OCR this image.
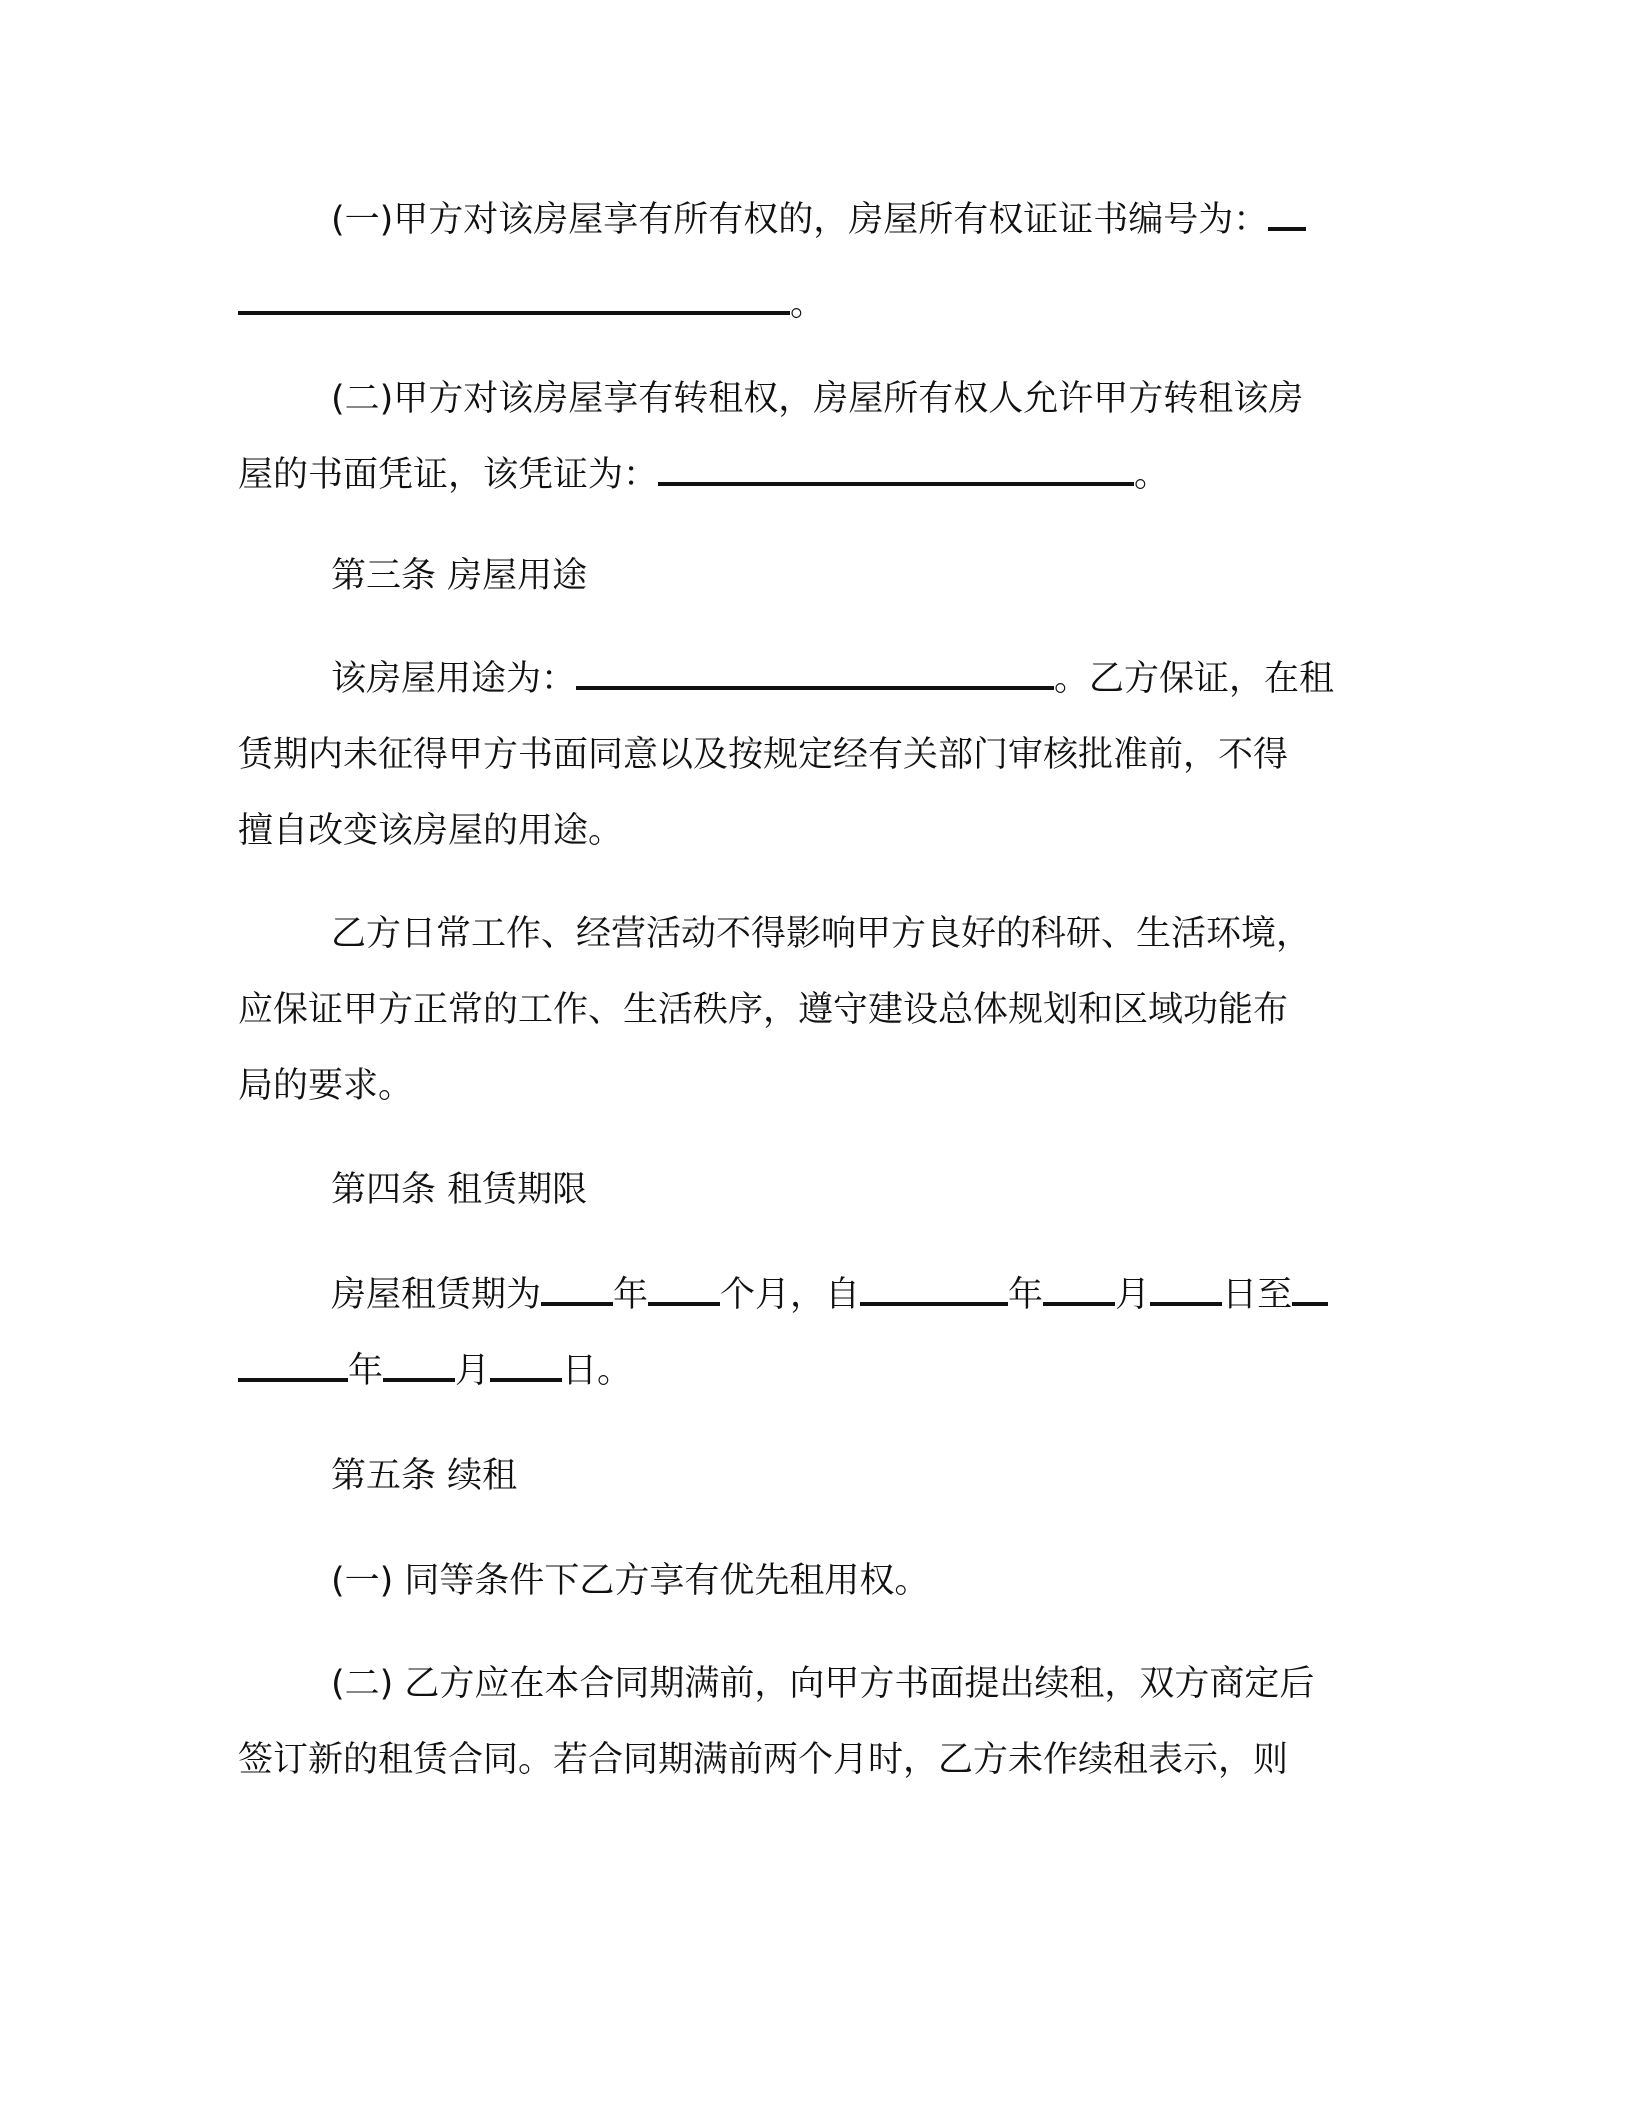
(一)甲方对该房屋享有所有权的，房屋所有权证证书编号为：
。
(二)甲方对该房屋享有转租权，房屋所有权人允许甲方转租该房
屋的书面凭证，该凭证为：	。
第三条 房屋用途
该房屋用途为：	。乙方保证，在租
赁期内未征得甲方书面同意以及按规定经有关部门审核批准前，不得
擅自改变该房屋的用途。
乙方日常工作、经营活动不得影响甲方良好的科研、生活环境，
应保证甲方正常的工作、生活秩序，遵守建设总体规划和区域功能布
局的要求。
第四条 租赁期限
房屋租赁期为 年 个月，自	年 月 日至
年 月 日。
第五条 续租
(一) 同等条件下乙方享有优先租用权。
(二) 乙方应在本合同期满前，向甲方书面提出续租，双方商定后
签订新的租赁合同。若合同期满前两个月时，乙方未作续租表示，则
